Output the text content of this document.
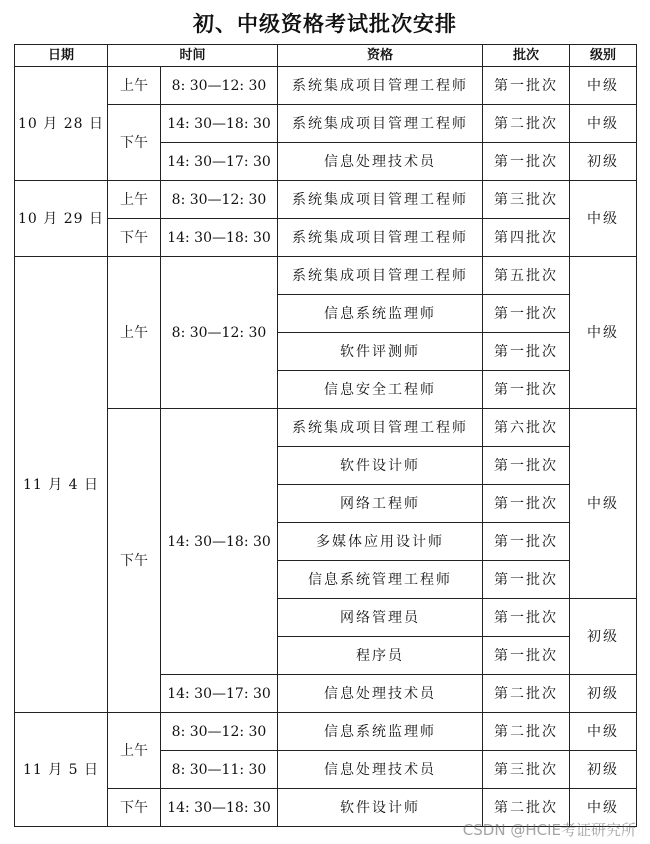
初、中级资格考试批次安排
日期	时间		资格	批次	级别
10 月 28 日	上午	8: 30—12: 30	系统集成项目管理工程师	第一批次	中级
	下午	14: 30—18: 30	系统集成项目管理工程师	第二批次	中级
		14: 30—17: 30	信息处理技术员	第一批次	初级
10 月 29 日	上午	8: 30—12: 30	系统集成项目管理工程师	第三批次	中级
	下午	14: 30—18: 30	系统集成项目管理工程师	第四批次	
11 月 4 日	上午	8: 30—12: 30	系统集成项目管理工程师	第五批次	中级
			信息系统监理师	第一批次	
			软件评测师	第一批次	
			信息安全工程师	第一批次	
	下午	14: 30—18: 30	系统集成项目管理工程师	第六批次	中级
			软件设计师	第一批次	
			网络工程师	第一批次	
			多媒体应用设计师	第一批次	
			信息系统管理工程师	第一批次	
			网络管理员	第一批次	初级
			程序员	第一批次	
		14: 30—17: 30	信息处理技术员	第二批次	初级
11 月 5 日	上午	8: 30—12: 30	信息系统监理师	第二批次	中级
		8: 30—11: 30	信息处理技术员	第三批次	初级
	下午	14: 30—18: 30	软件设计师	第二批次	中级
CSDN @HCIE考证研究所
